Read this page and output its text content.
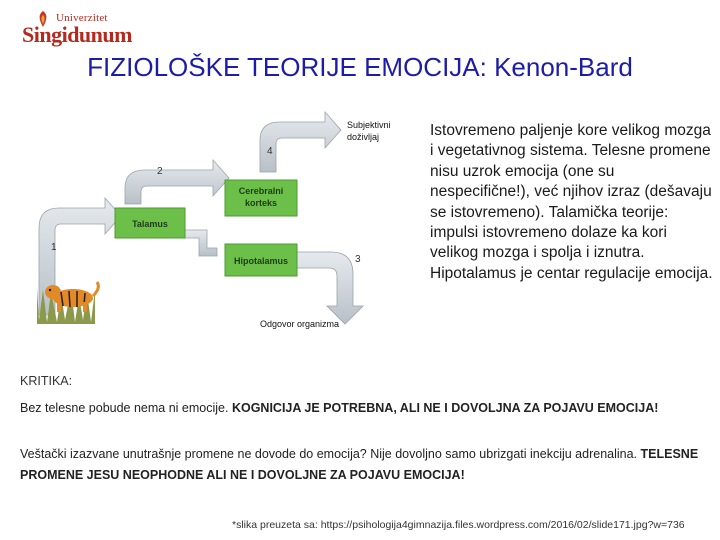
Univerzitet
Singidunum
FIZIOLOŠKE TEORIJE EMOCIJA: Kenon-Bard
Cerebralni
korteks
Talamus
Hipotalamus
Subjektivni
doživljaj
Odgovor organizma
1
2
3
4

Istovremeno paljenje kore velikog mozga i vegetativnog sistema. Telesne promene nisu uzrok emocija (one su nespecifične!), već njihov izraz (dešavaju se istovremeno). Talamička teorije: impulsi istovremeno dolaze ka kori velikog mozga i spolja i iznutra. Hipotalamus je centar regulacije emocija.

KRITIKA:
Bez telesne pobude nema ni emocije. KOGNICIJA JE POTREBNA, ALI NE I DOVOLJNA ZA POJAVU EMOCIJA!
Veštački izazvane unutrašnje promene ne dovode do emocija? Nije dovoljno samo ubrizgati inekciju adrenalina. TELESNE PROMENE JESU NEOPHODNE ALI NE I DOVOLJNE ZA POJAVU EMOCIJA!
*slika preuzeta sa: https://psihologija4gimnazija.files.wordpress.com/2016/02/slide171.jpg?w=736
